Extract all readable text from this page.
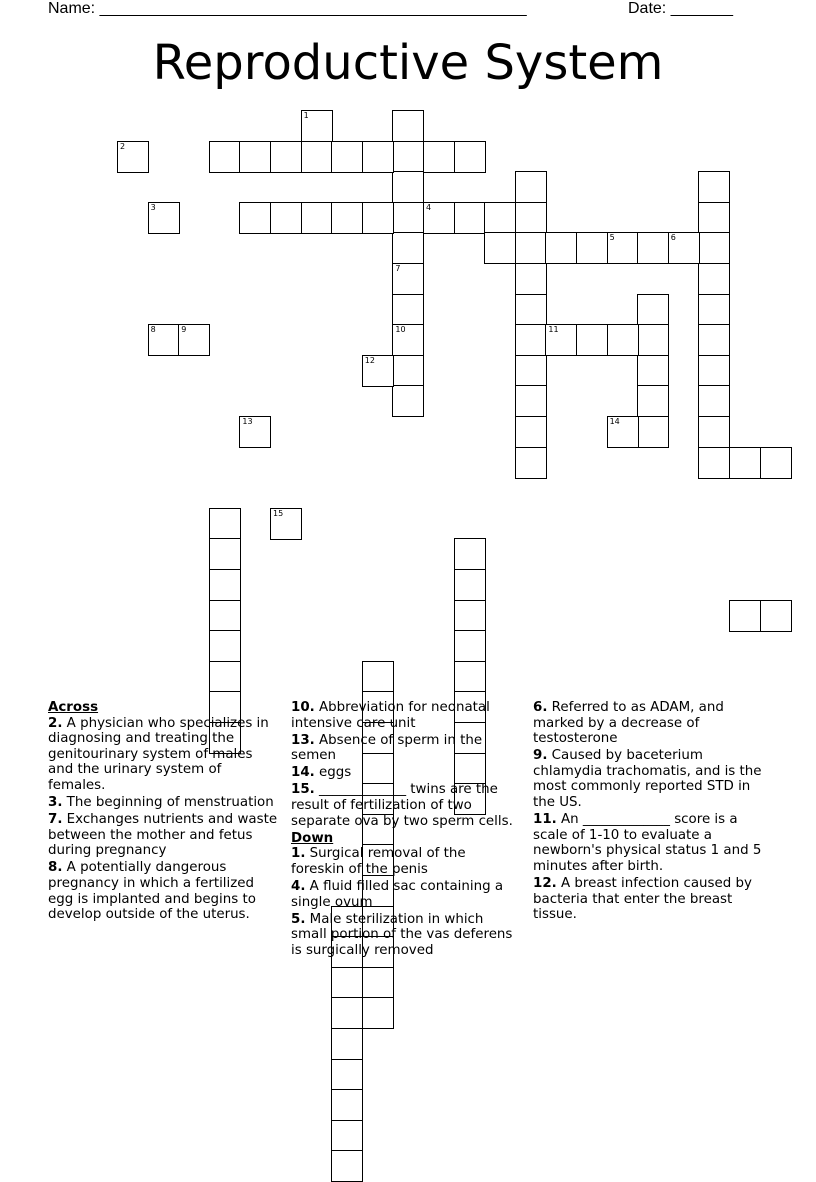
Name: ________________________________________________	Date: _______
Reproductive System
7
10
4
5
11
1
2
3
6
8	9
12
13	14
15
Across
2. A physician who specializes in diagnosing and treating the genitourinary system of males and the urinary system of females.
3. The beginning of menstruation
7. Exchanges nutrients and waste between the mother and fetus during pregnancy
8. A potentially dangerous pregnancy in which a fertilized egg is implanted and begins to develop outside of the uterus.
10. Abbreviation for neonatal intensive care unit
13. Absence of sperm in the semen
14. eggs
15. _____________ twins are the result of fertilization of two separate ova by two sperm cells.
Down
1. Surgical removal of the foreskin of the penis
4. A fluid filled sac containing a single ovum
5. Male sterilization in which small portion of the vas deferens is surgically removed
6. Referred to as ADAM, and marked by a decrease of testosterone
9. Caused by baceterium chlamydia trachomatis, and is the most commonly reported STD in the US.
11. An _____________ score is a scale of 1-10 to evaluate a newborn's physical status 1 and 5 minutes after birth.
12. A breast infection caused by bacteria that enter the breast tissue.
